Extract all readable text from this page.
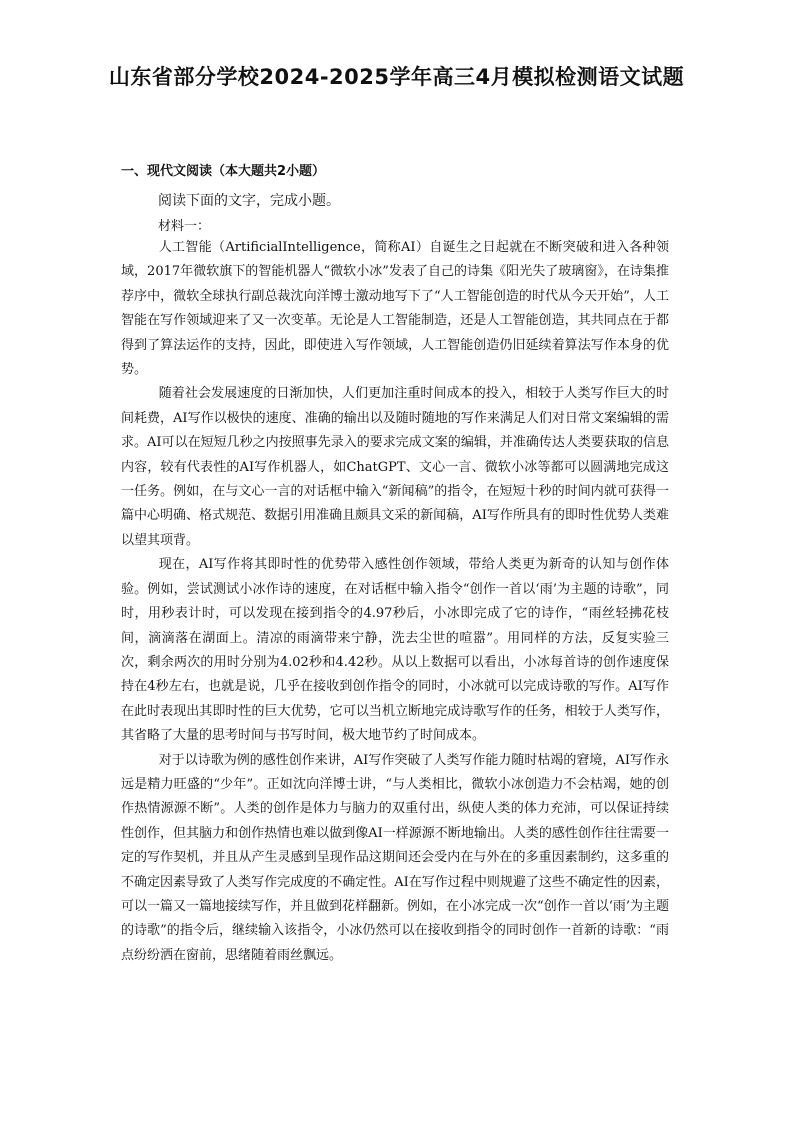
山东省部分学校2024-2025学年高三4月模拟检测语文试题
一、现代文阅读（本大题共2小题）
阅读下面的文字，完成小题。
材料一：

人工智能（ArtificialIntelligence，简称AI）自诞生之日起就在不断突破和进入各种领域，2017年微软旗下的智能机器人“微软小冰”发表了自己的诗集《阳光失了玻璃窗》，在诗集推荐序中，微软全球执行副总裁沈向洋博士激动地写下了“人工智能创造的时代从今天开始”，人工智能在写作领域迎来了又一次变革。无论是人工智能制造，还是人工智能创造，其共同点在于都得到了算法运作的支持，因此，即使进入写作领域，人工智能创造仍旧延续着算法写作本身的优势。

随着社会发展速度的日渐加快，人们更加注重时间成本的投入，相较于人类写作巨大的时间耗费，AI写作以极快的速度、准确的输出以及随时随地的写作来满足人们对日常文案编辑的需求。AI可以在短短几秒之内按照事先录入的要求完成文案的编辑，并准确传达人类要获取的信息内容，较有代表性的AI写作机器人，如ChatGPT、文心一言、微软小冰等都可以圆满地完成这一任务。例如，在与文心一言的对话框中输入“新闻稿”的指令，在短短十秒的时间内就可获得一篇中心明确、格式规范、数据引用准确且颇具文采的新闻稿，AI写作所具有的即时性优势人类难以望其项背。

现在，AI写作将其即时性的优势带入感性创作领域，带给人类更为新奇的认知与创作体验。例如，尝试测试小冰作诗的速度，在对话框中输入指令“创作一首以‘雨’为主题的诗歌”，同时，用秒表计时，可以发现在接到指令的4.97秒后，小冰即完成了它的诗作，“雨丝轻拂花枝间，滴滴落在湖面上。清凉的雨滴带来宁静，洗去尘世的喧嚣”。用同样的方法，反复实验三次，剩余两次的用时分别为4.02秒和4.42秒。从以上数据可以看出，小冰每首诗的创作速度保持在4秒左右，也就是说，几乎在接收到创作指令的同时，小冰就可以完成诗歌的写作。AI写作在此时表现出其即时性的巨大优势，它可以当机立断地完成诗歌写作的任务，相较于人类写作，其省略了大量的思考时间与书写时间，极大地节约了时间成本。

对于以诗歌为例的感性创作来讲，AI写作突破了人类写作能力随时枯竭的窘境，AI写作永远是精力旺盛的“少年”。正如沈向洋博士讲，“与人类相比，微软小冰创造力不会枯竭，她的创作热情源源不断”。人类的创作是体力与脑力的双重付出，纵使人类的体力充沛，可以保证持续性创作，但其脑力和创作热情也难以做到像AI一样源源不断地输出。人类的感性创作往往需要一定的写作契机，并且从产生灵感到呈现作品这期间还会受内在与外在的多重因素制约，这多重的不确定因素导致了人类写作完成度的不确定性。AI在写作过程中则规避了这些不确定性的因素，可以一篇又一篇地接续写作，并且做到花样翻新。例如，在小冰完成一次“创作一首以‘雨’为主题的诗歌”的指令后，继续输入该指令，小冰仍然可以在接收到指令的同时创作一首新的诗歌：“雨点纷纷洒在窗前，思绪随着雨丝飘远。
